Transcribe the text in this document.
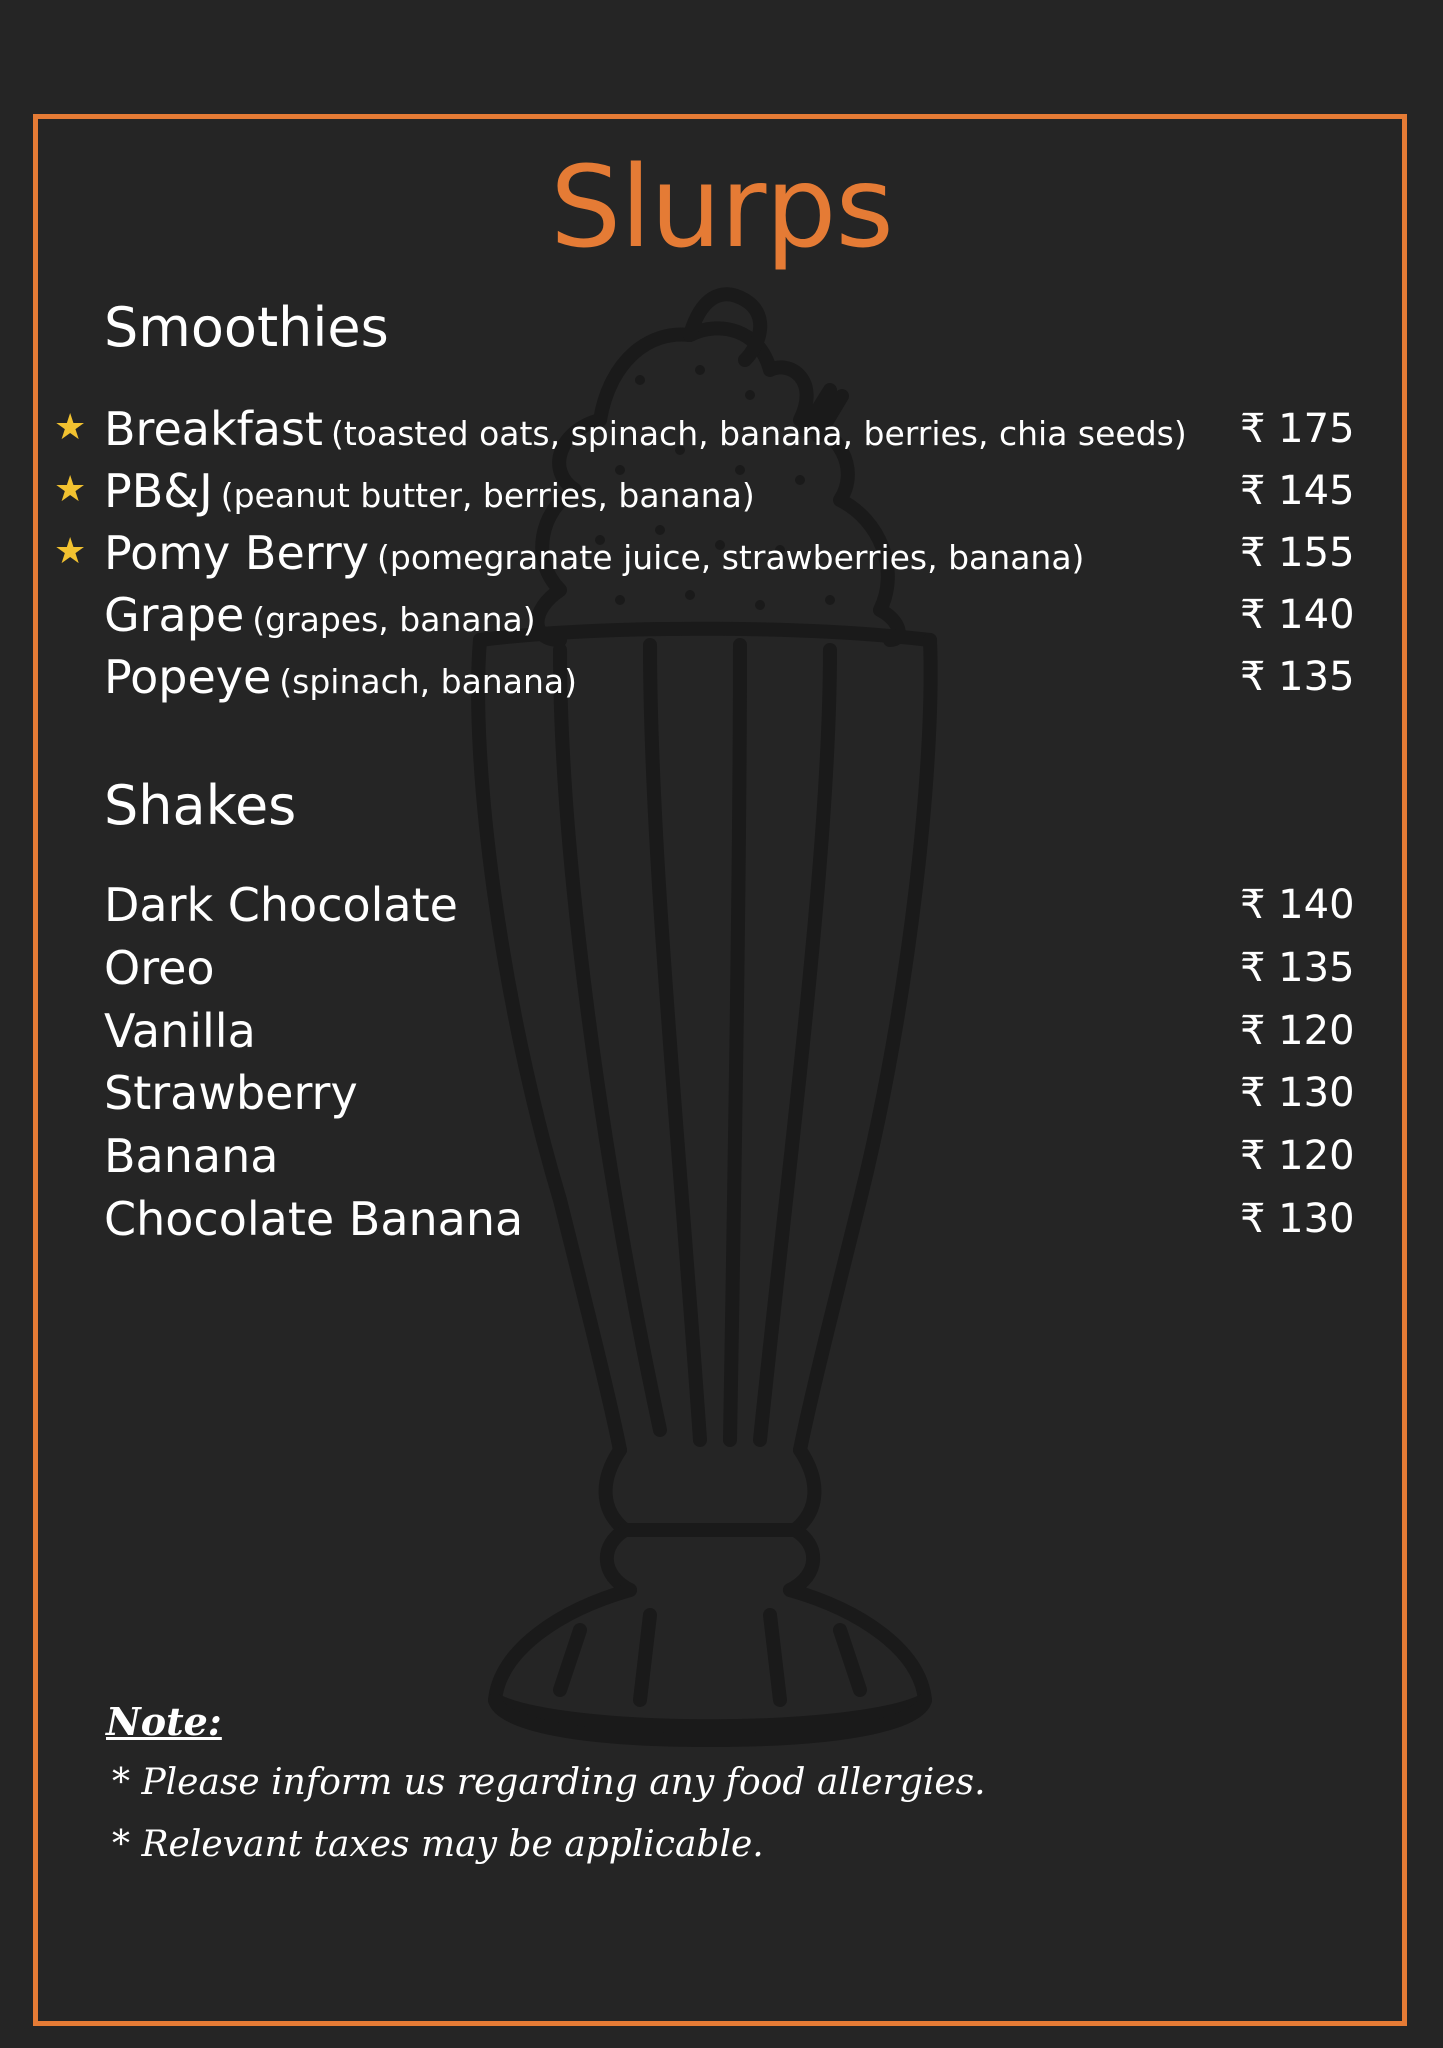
Slurps
Smoothies
★ Breakfast (toasted oats, spinach, banana, berries, chia seeds) ₹ 175
★ PB&J (peanut butter, berries, banana)	₹ 145
★ Pomy Berry (pomegranate juice, strawberries, banana)	₹ 155
Grape (grapes, banana)	₹ 140
Popeye (spinach, banana)	₹ 135
Shakes
Dark Chocolate	₹ 140
Oreo	₹ 135
Vanilla	₹ 120
Strawberry	₹ 130
Banana	₹ 120
Chocolate Banana	₹ 130

Note:

* Please inform us regarding any food allergies.

* Relevant taxes may be applicable.
